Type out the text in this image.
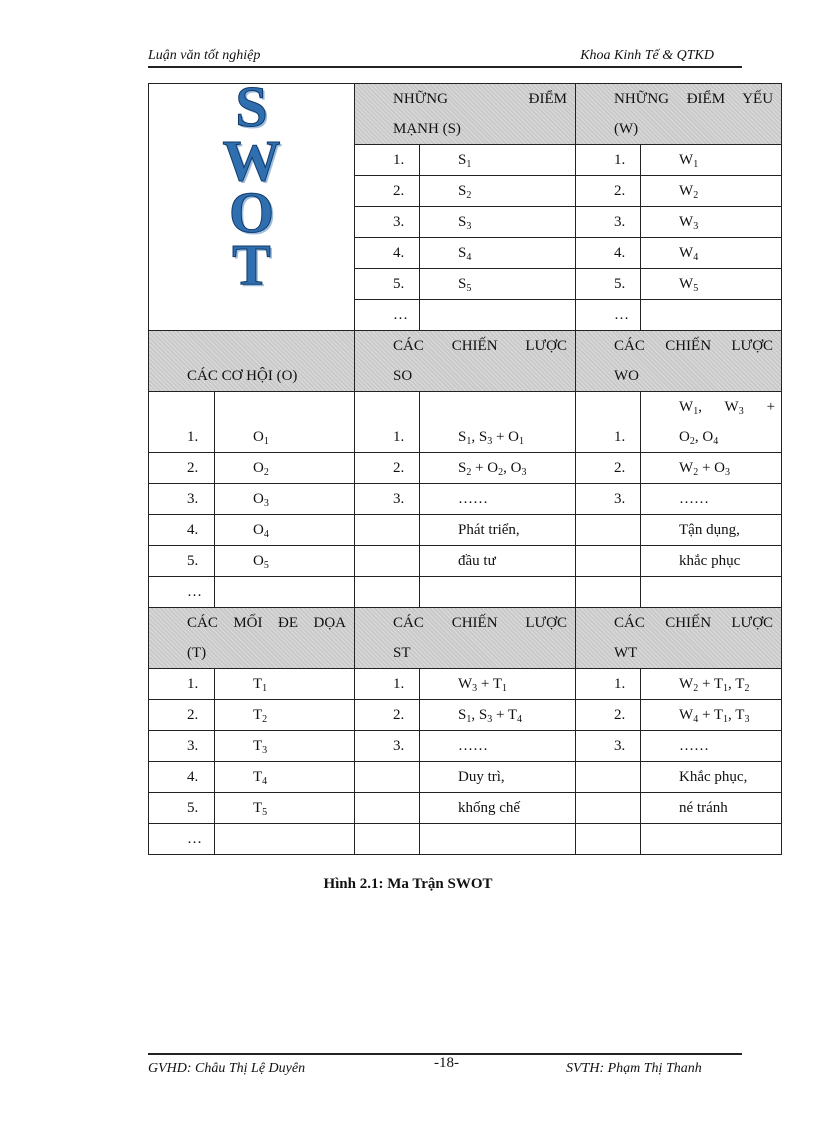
Luận văn tốt nghiệp	Khoa Kinh Tế & QTKD
S
W
O
T		NHỮNG ĐIỂM
MẠNH (S)		NHỮNG ĐIỂM YẾU
(W)	

		1.	$S_1$	1.	$W_1$
		2.	$S_2$	2.	$W_2$
		3.	$S_3$	3.	$W_3$
		4.	$S_4$	4.	$W_4$
		5.	$S_5$	5.	$W_5$
		…		…	

CÁC CƠ HỘI (O)		CÁC CHIẾN LƯỢC
SO		CÁC CHIẾN LƯỢC
WO	

1.	$O_1$	1.	$S_1$, $S_3 + O_1$	1.	$W_1$, $W_3$ +
$O_2$, $O_4$
2.	$O_2$	2.	$S_2 + O_2$, $O_3$	2.	$W_2 + O_3$
3.	$O_3$	3.	……	3.	……
4.	$O_4$		Phát triển,		Tận dụng,
5.	$O_5$		đầu tư		khắc phục
…					

CÁC MỐI ĐE DỌA
(T)		CÁC CHIẾN LƯỢC
ST		CÁC CHIẾN LƯỢC
WT	

1.	$T_1$	1.	$W_3 + T_1$	1.	$W_2 + T_1$, $T_2$
2.	$T_2$	2.	$S_1$, $S_3 + T_4$	2.	$W_4 + T_1$, $T_3$
3.	$T_3$	3.	……	3.	……
4.	$T_4$		Duy trì,		Khắc phục,
5.	$T_5$		khống chế		né tránh
…					
Hình 2.1: Ma Trận SWOT
GVHD: Châu Thị Lệ Duyên	-18-	SVTH: Phạm Thị Thanh
